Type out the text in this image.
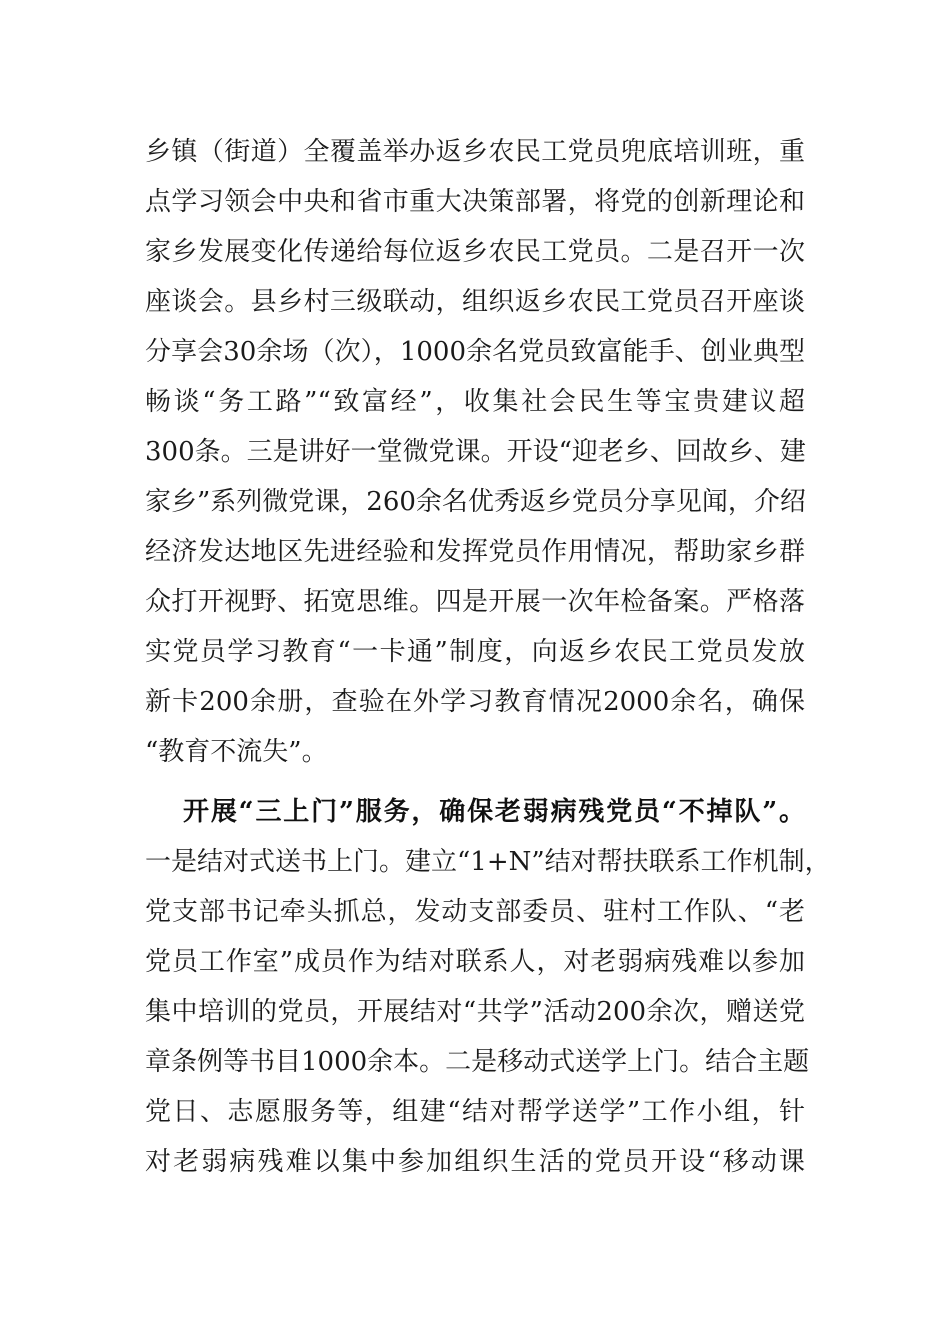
乡镇（街道）全覆盖举办返乡农民工党员兜底培训班，重
点学习领会中央和省市重大决策部署，将党的创新理论和
家乡发展变化传递给每位返乡农民工党员。二是召开一次
座谈会。县乡村三级联动，组织返乡农民工党员召开座谈
分享会30余场（次），1000余名党员致富能手、创业典型
畅谈“务工路”“致富经”，收集社会民生等宝贵建议超
300条。三是讲好一堂微党课。开设“迎老乡、回故乡、建
家乡”系列微党课，260余名优秀返乡党员分享见闻，介绍
经济发达地区先进经验和发挥党员作用情况，帮助家乡群
众打开视野、拓宽思维。四是开展一次年检备案。严格落
实党员学习教育“一卡通”制度，向返乡农民工党员发放
新卡200余册，查验在外学习教育情况2000余名，确保
“教育不流失”。
开展“三上门”服务，确保老弱病残党员“不掉队”。
一是结对式送书上门。建立“1+N”结对帮扶联系工作机制，
党支部书记牵头抓总，发动支部委员、驻村工作队、“老
党员工作室”成员作为结对联系人，对老弱病残难以参加
集中培训的党员，开展结对“共学”活动200余次，赠送党
章条例等书目1000余本。二是移动式送学上门。结合主题
党日、志愿服务等，组建“结对帮学送学”工作小组，针
对老弱病残难以集中参加组织生活的党员开设“移动课
